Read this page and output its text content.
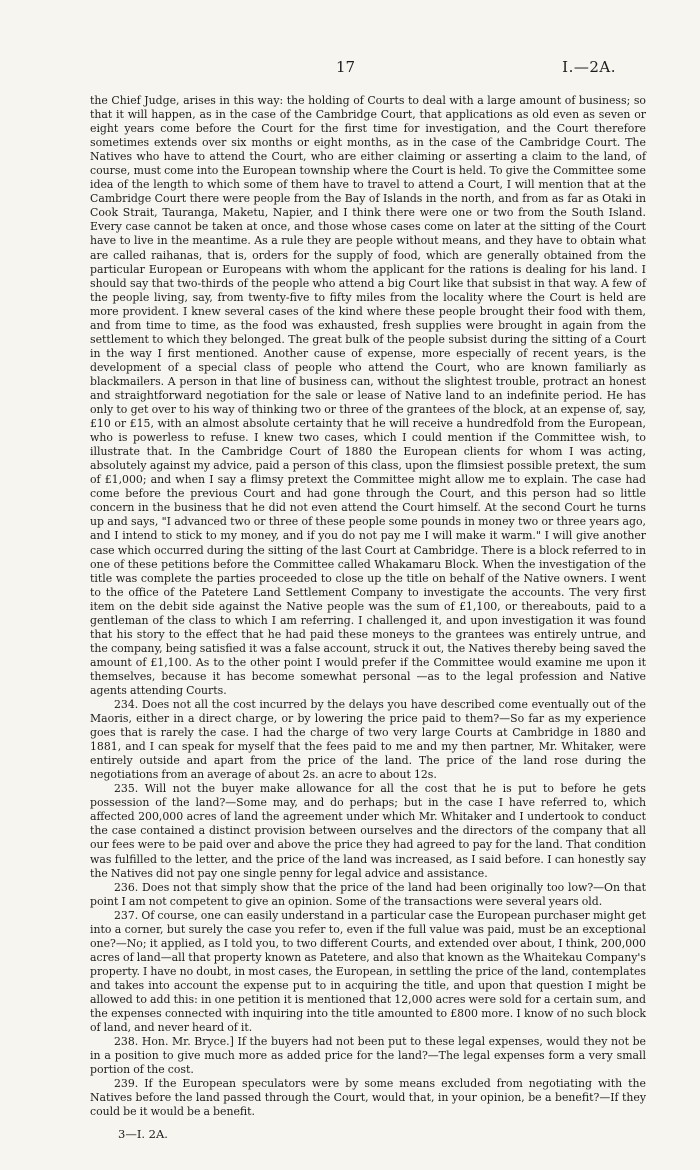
17	I.—2A.

the Chief Judge, arises in this way: the holding of Courts to deal with a large amount of business; so that it will happen, as in the case of the Cambridge Court, that applications as old even as seven or eight years come before the Court for the first time for investigation, and the Court therefore sometimes extends over six months or eight months, as in the case of the Cambridge Court. The Natives who have to attend the Court, who are either claiming or asserting a claim to the land, of course, must come into the European township where the Court is held. To give the Committee some idea of the length to which some of them have to travel to attend a Court, I will mention that at the Cambridge Court there were people from the Bay of Islands in the north, and from as far as Otaki in Cook Strait, Tauranga, Maketu, Napier, and I think there were one or two from the South Island. Every case cannot be taken at once, and those whose cases come on later at the sitting of the Court have to live in the meantime. As a rule they are people without means, and they have to obtain what are called raihanas, that is, orders for the supply of food, which are generally obtained from the particular European or Europeans with whom the applicant for the rations is dealing for his land. I should say that two-thirds of the people who attend a big Court like that subsist in that way. A few of the people living, say, from twenty-five to fifty miles from the locality where the Court is held are more provident. I knew several cases of the kind where these people brought their food with them, and from time to time, as the food was exhausted, fresh supplies were brought in again from the settlement to which they belonged. The great bulk of the people subsist during the sitting of a Court in the way I first mentioned. Another cause of expense, more especially of recent years, is the development of a special class of people who attend the Court, who are known familiarly as blackmailers. A person in that line of business can, without the slightest trouble, protract an honest and straightforward negotiation for the sale or lease of Native land to an indefinite period. He has only to get over to his way of thinking two or three of the grantees of the block, at an expense of, say, £10 or £15, with an almost absolute certainty that he will receive a hundredfold from the European, who is powerless to refuse. I knew two cases, which I could mention if the Committee wish, to illustrate that. In the Cambridge Court of 1880 the European clients for whom I was acting, absolutely against my advice, paid a person of this class, upon the flimsiest possible pretext, the sum of £1,000; and when I say a flimsy pretext the Committee might allow me to explain. The case had come before the previous Court and had gone through the Court, and this person had so little concern in the business that he did not even attend the Court himself. At the second Court he turns up and says, "I advanced two or three of these people some pounds in money two or three years ago, and I intend to stick to my money, and if you do not pay me I will make it warm." I will give another case which occurred during the sitting of the last Court at Cambridge. There is a block referred to in one of these petitions before the Committee called Whakamaru Block. When the investigation of the title was complete the parties proceeded to close up the title on behalf of the Native owners. I went to the office of the Patetere Land Settlement Company to investigate the accounts. The very first item on the debit side against the Native people was the sum of £1,100, or thereabouts, paid to a gentleman of the class to which I am referring. I challenged it, and upon investigation it was found that his story to the effect that he had paid these moneys to the grantees was entirely untrue, and the company, being satisfied it was a false account, struck it out, the Natives thereby being saved the amount of £1,100. As to the other point I would prefer if the Committee would examine me upon it themselves, because it has become somewhat personal —as to the legal profession and Native agents attending Courts.

234. Does not all the cost incurred by the delays you have described come eventually out of the Maoris, either in a direct charge, or by lowering the price paid to them?—So far as my experience goes that is rarely the case. I had the charge of two very large Courts at Cambridge in 1880 and 1881, and I can speak for myself that the fees paid to me and my then partner, Mr. Whitaker, were entirely outside and apart from the price of the land. The price of the land rose during the negotiations from an average of about 2s. an acre to about 12s.

235. Will not the buyer make allowance for all the cost that he is put to before he gets possession of the land?—Some may, and do perhaps; but in the case I have referred to, which affected 200,000 acres of land the agreement under which Mr. Whitaker and I undertook to conduct the case contained a distinct provision between ourselves and the directors of the company that all our fees were to be paid over and above the price they had agreed to pay for the land. That condition was fulfilled to the letter, and the price of the land was increased, as I said before. I can honestly say the Natives did not pay one single penny for legal advice and assistance.

236. Does not that simply show that the price of the land had been originally too low?—On that point I am not competent to give an opinion. Some of the transactions were several years old.

237. Of course, one can easily understand in a particular case the European purchaser might get into a corner, but surely the case you refer to, even if the full value was paid, must be an exceptional one?—No; it applied, as I told you, to two different Courts, and extended over about, I think, 200,000 acres of land—all that property known as Patetere, and also that known as the Whaitekau Company's property. I have no doubt, in most cases, the European, in settling the price of the land, contemplates and takes into account the expense put to in acquiring the title, and upon that question I might be allowed to add this: in one petition it is mentioned that 12,000 acres were sold for a certain sum, and the expenses connected with inquiring into the title amounted to £800 more. I know of no such block of land, and never heard of it.

238. Hon. Mr. Bryce.] If the buyers had not been put to these legal expenses, would they not be in a position to give much more as added price for the land?—The legal expenses form a very small portion of the cost.

239. If the European speculators were by some means excluded from negotiating with the Natives before the land passed through the Court, would that, in your opinion, be a benefit?—If they could be it would be a benefit.

3—I. 2A.
